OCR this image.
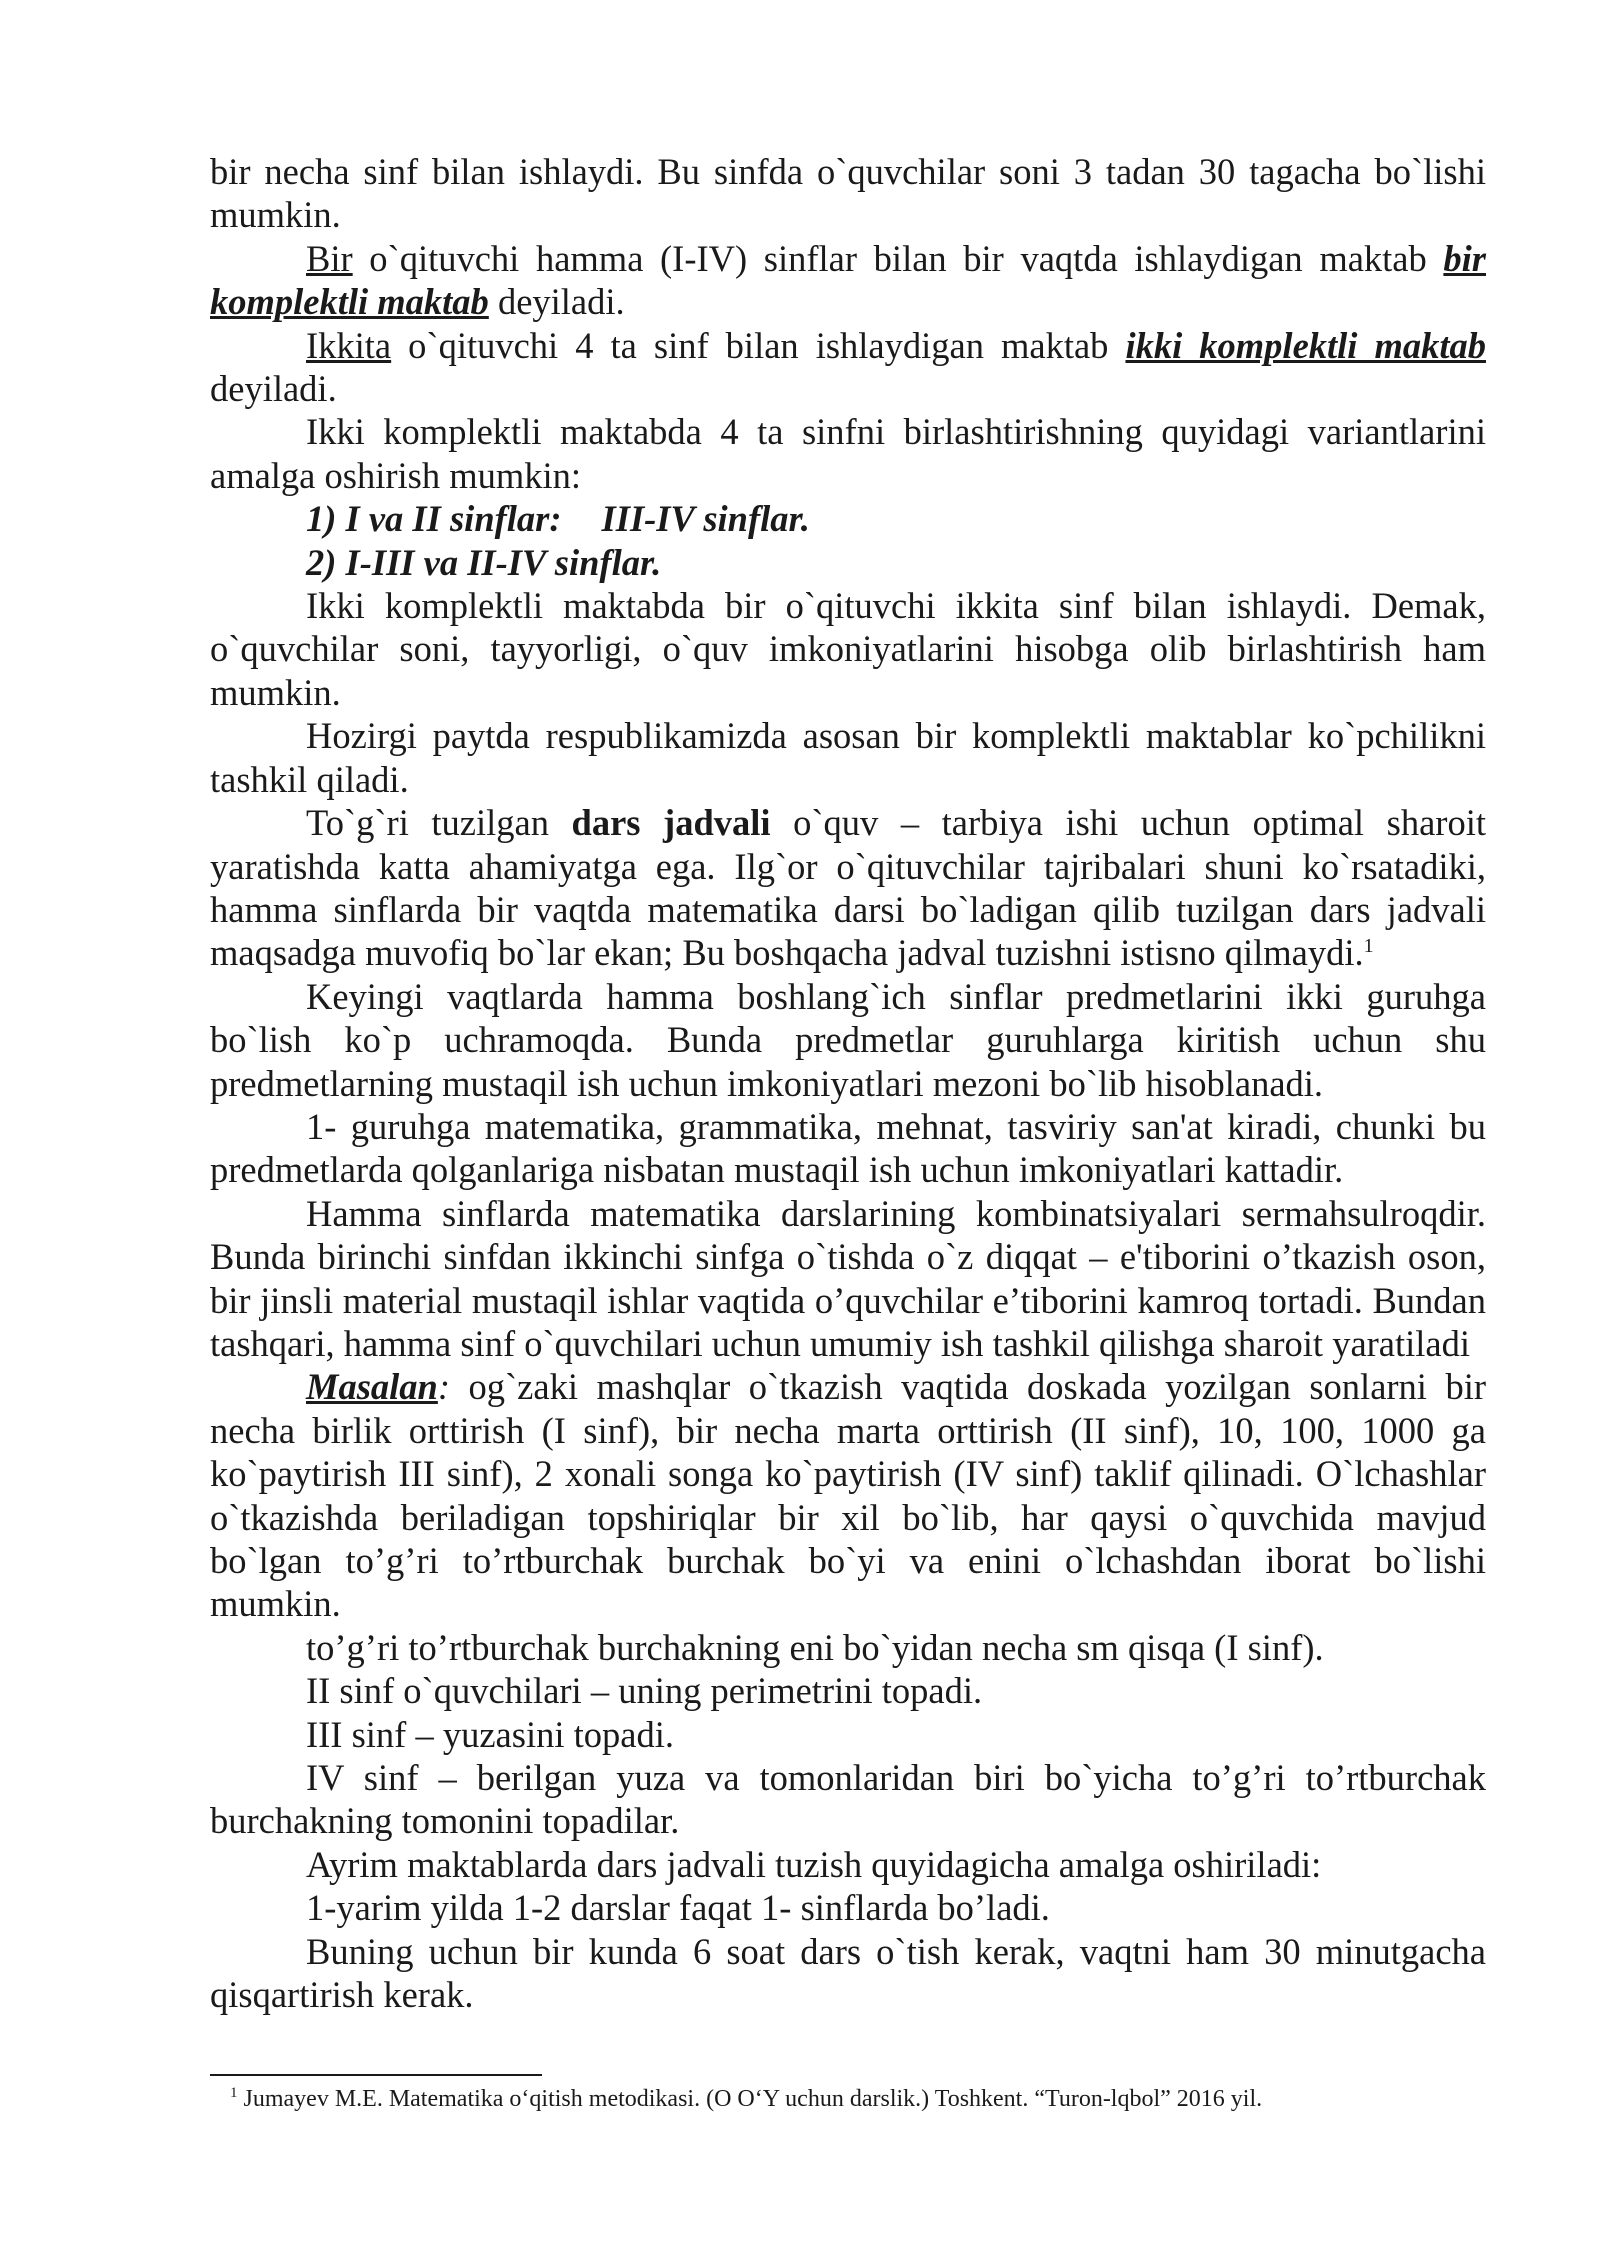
bir necha sinf bilan ishlaydi. Bu sinfda o`quvchilar soni 3 tadan 30 tagacha bo`lishi mumkin.

Bir o`qituvchi hamma (I-IV) sinflar bilan bir vaqtda ishlaydigan maktab bir komplektli maktab deyiladi.

Ikkita o`qituvchi 4 ta sinf bilan ishlaydigan maktab ikki komplektli maktab deyiladi.

Ikki komplektli maktabda 4 ta sinfni birlashtirishning quyidagi variantlarini amalga oshirish mumkin:

1) I va II sinflar: III-IV sinflar.

2) I-III va II-IV sinflar.

Ikki komplektli maktabda bir o`qituvchi ikkita sinf bilan ishlaydi. Demak, o`quvchilar soni, tayyorligi, o`quv imkoniyatlarini hisobga olib birlashtirish ham mumkin.

Hozirgi paytda respublikamizda asosan bir komplektli maktablar ko`pchilikni tashkil qiladi.

To`g`ri tuzilgan dars jadvali o`quv – tarbiya ishi uchun optimal sharoit yaratishda katta ahamiyatga ega. Ilg`or o`qituvchilar tajribalari shuni ko`rsatadiki, hamma sinflarda bir vaqtda matematika darsi bo`ladigan qilib tuzilgan dars jadvali maqsadga muvofiq bo`lar ekan; Bu boshqacha jadval tuzishni istisno qilmaydi.$^1$

Keyingi vaqtlarda hamma boshlang`ich sinflar predmetlarini ikki guruhga bo`lish ko`p uchramoqda. Bunda predmetlar guruhlarga kiritish uchun shu predmetlarning mustaqil ish uchun imkoniyatlari mezoni bo`lib hisoblanadi.

1- guruhga matematika, grammatika, mehnat, tasviriy san'at kiradi, chunki bu predmetlarda qolganlariga nisbatan mustaqil ish uchun imkoniyatlari kattadir.

Hamma sinflarda matematika darslarining kombinatsiyalari sermahsulroqdir. Bunda birinchi sinfdan ikkinchi sinfga o`tishda o`z diqqat – e'tiborini o’tkazish oson, bir jinsli material mustaqil ishlar vaqtida o’quvchilar e’tiborini kamroq tortadi. Bundan tashqari, hamma sinf o`quvchilari uchun umumiy ish tashkil qilishga sharoit yaratiladi

Masalan: og`zaki mashqlar o`tkazish vaqtida doskada yozilgan sonlarni bir necha birlik orttirish (I sinf), bir necha marta orttirish (II sinf), 10, 100, 1000 ga ko`paytirish III sinf), 2 xonali songa ko`paytirish (IV sinf) taklif qilinadi. O`lchashlar o`tkazishda beriladigan topshiriqlar bir xil bo`lib, har qaysi o`quvchida mavjud bo`lgan to’g’ri to’rtburchak burchak bo`yi va enini o`lchashdan iborat bo`lishi mumkin.

to’g’ri to’rtburchak burchakning eni bo`yidan necha sm qisqa (I sinf).

II sinf o`quvchilari – uning perimetrini topadi.

III sinf – yuzasini topadi.

IV sinf – berilgan yuza va tomonlaridan biri bo`yicha to’g’ri to’rtburchak burchakning tomonini topadilar.

Ayrim maktablarda dars jadvali tuzish quyidagicha amalga oshiriladi:

1-yarim yilda 1-2 darslar faqat 1- sinflarda bo’ladi.

Buning uchun bir kunda 6 soat dars o`tish kerak, vaqtni ham 30 minutgacha qisqartirish kerak.

$^1$ Jumayev M.E. Matematika o‘qitish metodikasi. (O O‘Y uchun darslik.) Toshkent. “Turon-lqbol” 2016 yil.
